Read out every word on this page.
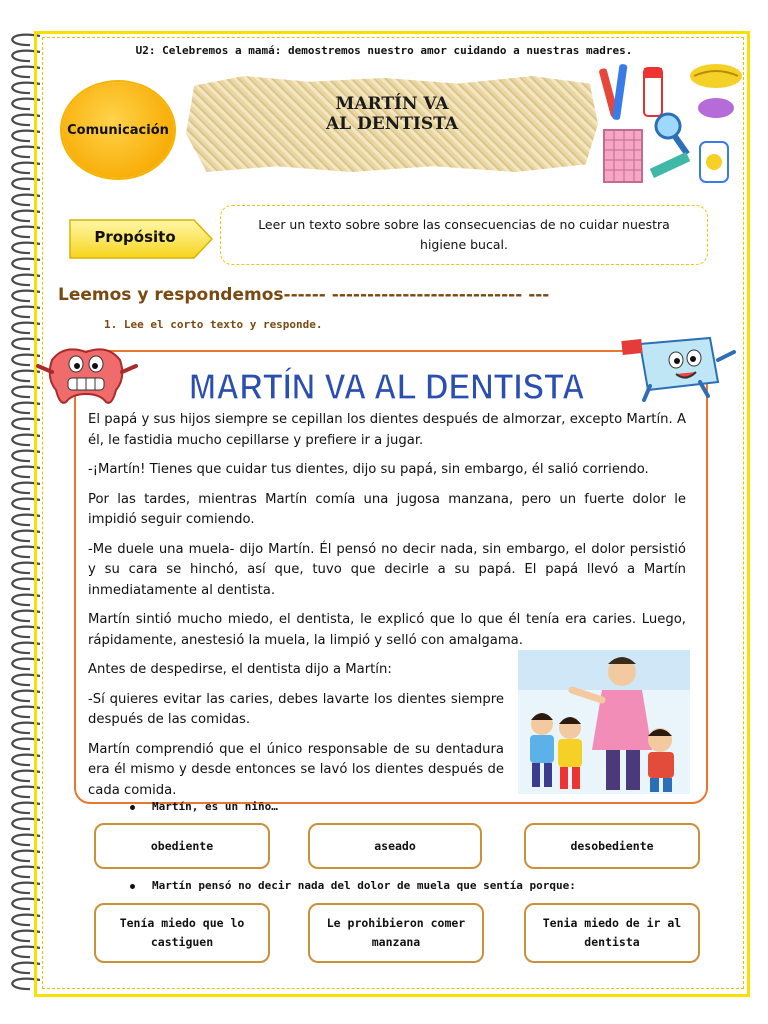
U2: Celebremos a mamá: demostremos nuestro amor cuidando a nuestras madres.
Comunicación
MARTÍN VA
AL DENTISTA
Propósito
Leer un texto sobre sobre las consecuencias de no cuidar nuestra
higiene bucal.
Leemos y respondemos------ --------------------------- ---
1. Lee el corto texto y responde.
MARTÍN VA AL DENTISTA

El papá y sus hijos siempre se cepillan los dientes después de almorzar, excepto Martín. A él, le fastidia mucho cepillarse y prefiere ir a jugar.

-¡Martín! Tienes que cuidar tus dientes, dijo su papá, sin embargo, él salió corriendo.

Por las tardes, mientras Martín comía una jugosa manzana, pero un fuerte dolor le impidió seguir comiendo.

-Me duele una muela- dijo Martín. Él pensó no decir nada, sin embargo, el dolor persistió y su cara se hinchó, así que, tuvo que decirle a su papá. El papá llevó a Martín inmediatamente al dentista.

Martín sintió mucho miedo, el dentista, le explicó que lo que él tenía era caries. Luego, rápidamente, anestesió la muela, la limpió y selló con amalgama.

Antes de despedirse, el dentista dijo a Martín:

-Sí quieres evitar las caries, debes lavarte los dientes siempre después de las comidas.

Martín comprendió que el único responsable de su dentadura era él mismo y desde entonces se lavó los dientes después de cada comida.

Martín, es un niño…
obediente	aseado	desobediente
Martín pensó no decir nada del dolor de muela que sentía porque:
Tenía miedo que lo
castiguen
Le prohibieron comer
manzana
Tenia miedo de ir al
dentista
